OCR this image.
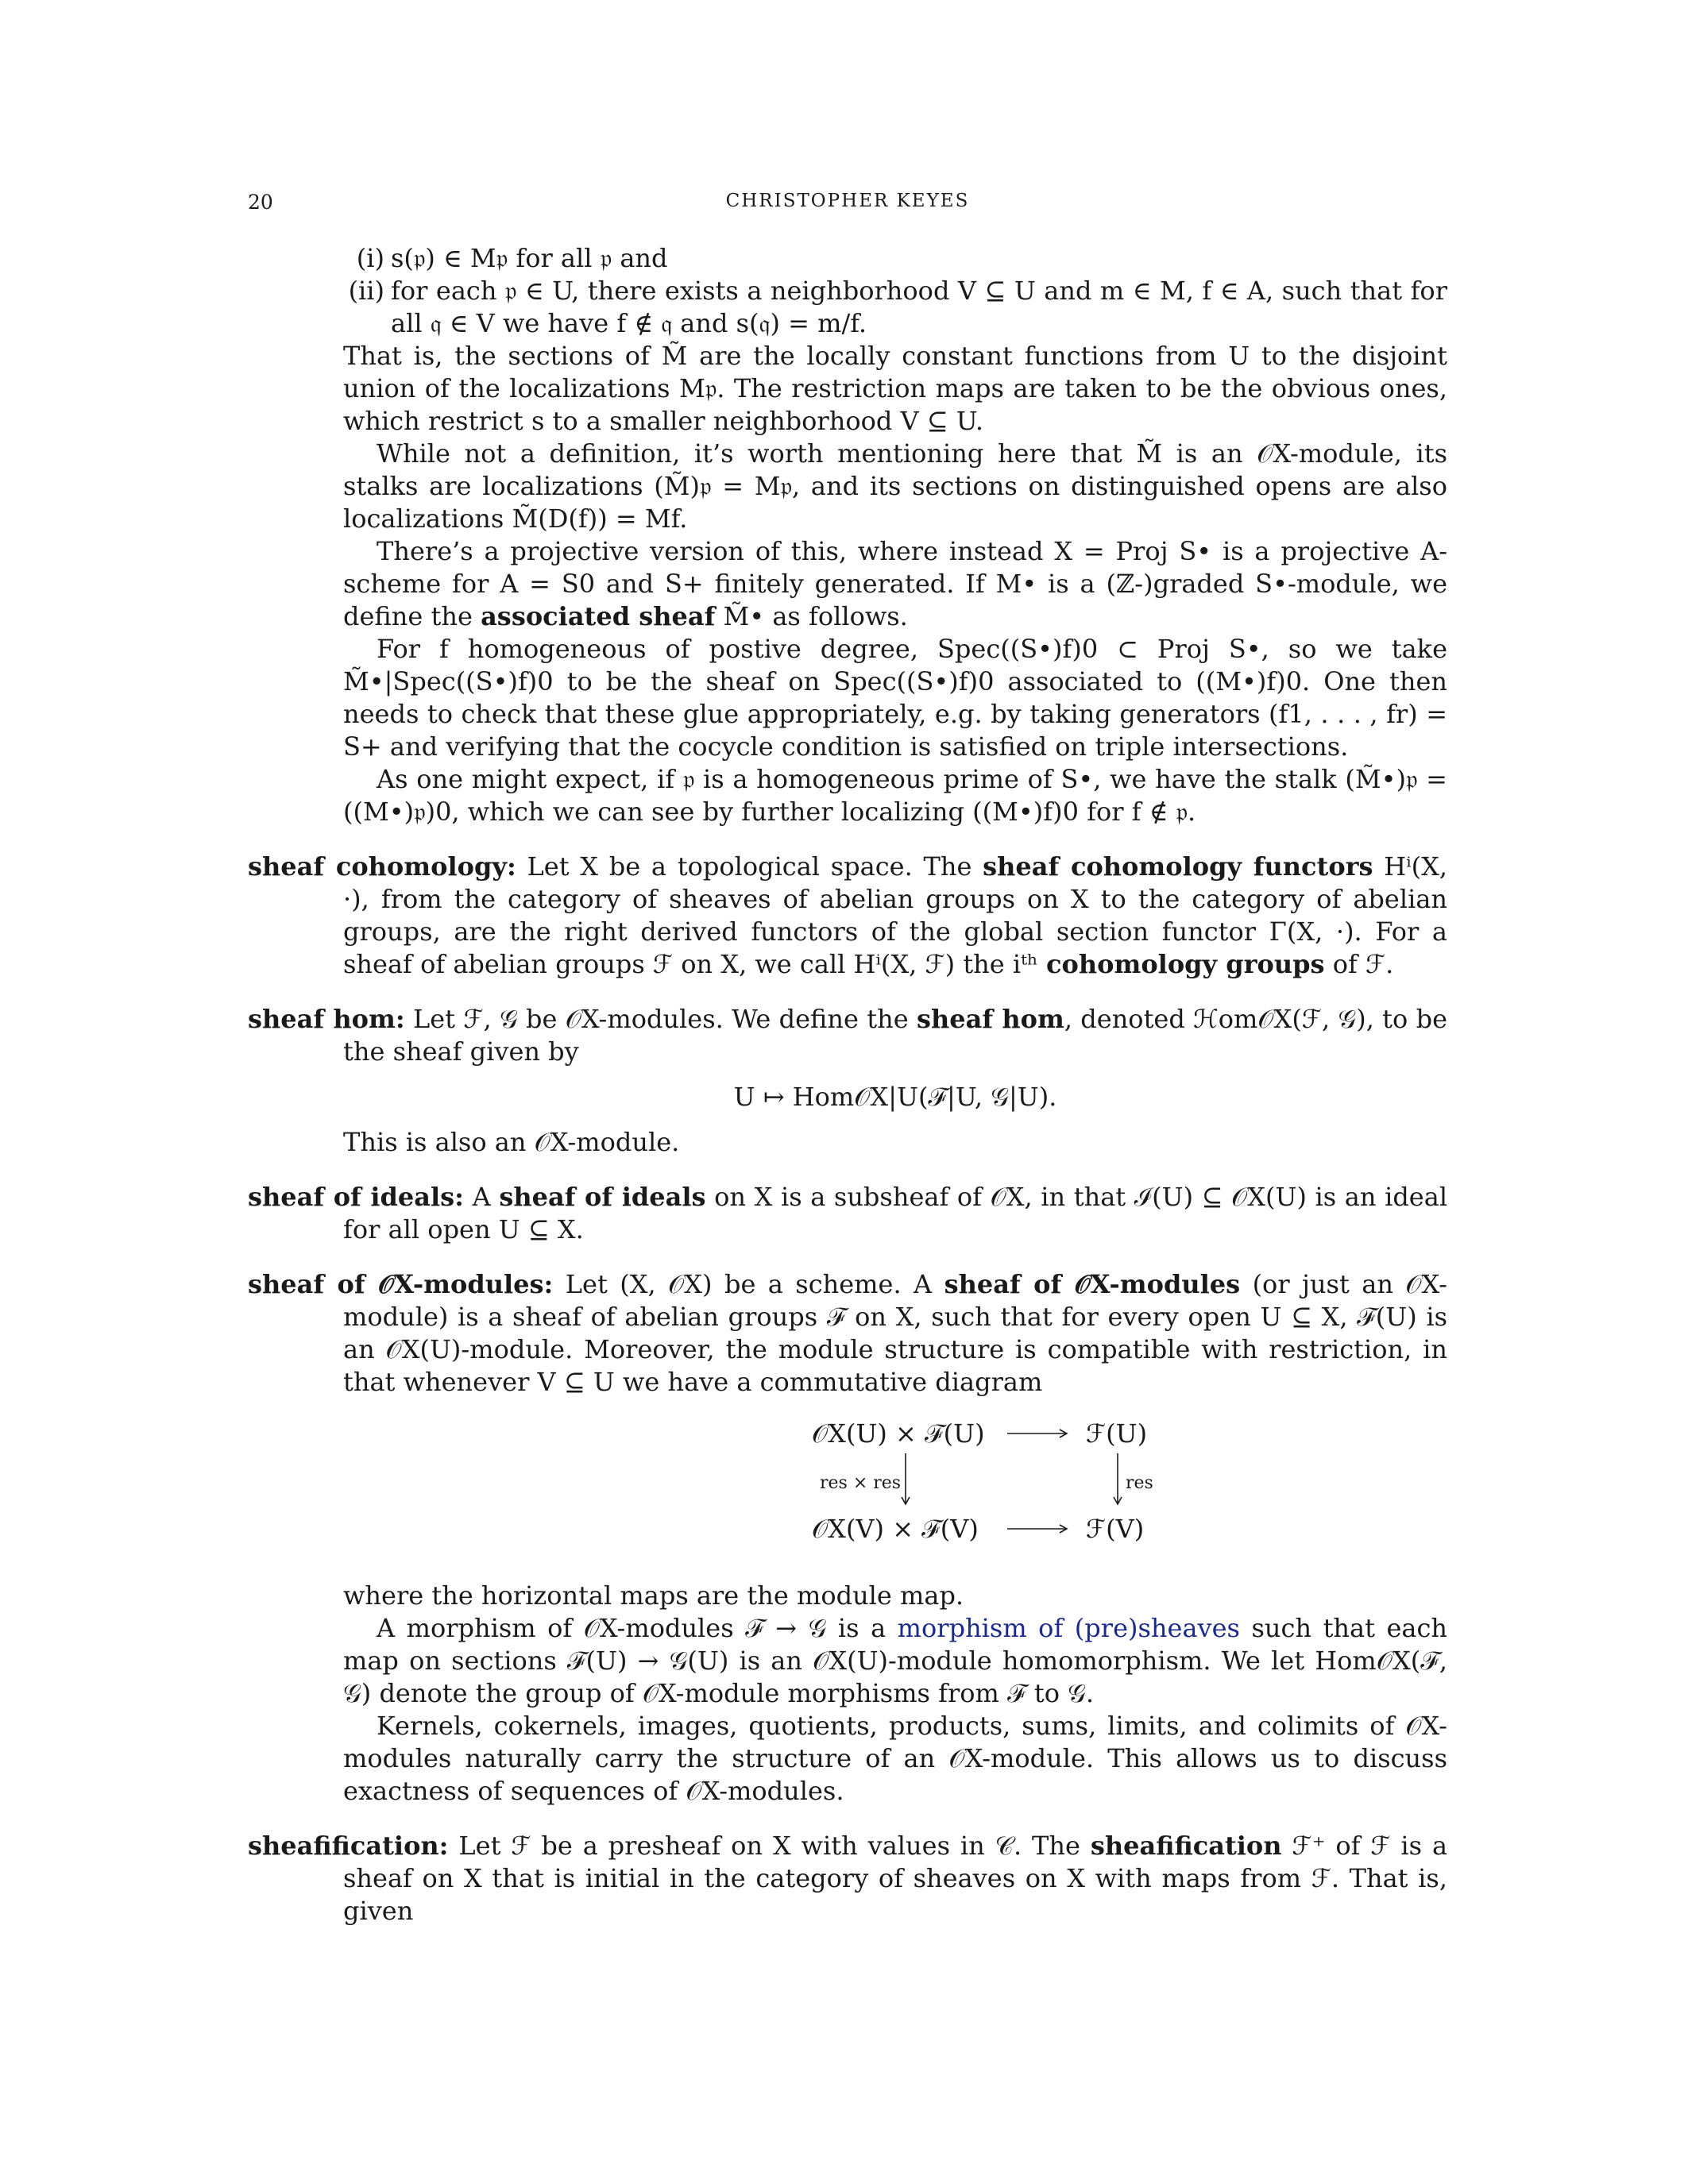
20	CHRISTOPHER KEYES
(i) s(𝔭) ∈ M𝔭 for all 𝔭 and
(ii) for each 𝔭 ∈ U, there exists a neighborhood V ⊆ U and m ∈ M, f ∈ A, such that for all 𝔮 ∈ V we have f ∉ 𝔮 and s(𝔮) = m/f.

That is, the sections of M̃ are the locally constant functions from U to the disjoint union of the localizations M𝔭. The restriction maps are taken to be the obvious ones, which restrict s to a smaller neighborhood V ⊆ U.

While not a definition, it’s worth mentioning here that M̃ is an 𝒪X-module, its stalks are localizations (M̃)𝔭 = M𝔭, and its sections on distinguished opens are also localizations M̃(D(f)) = Mf.

There’s a projective version of this, where instead X = Proj S• is a projective A-scheme for A = S0 and S+ finitely generated. If M• is a (ℤ-)graded S•-module, we define the associated sheaf M̃• as follows.

For f homogeneous of postive degree, Spec((S•)f)0 ⊂ Proj S•, so we take M̃•|Spec((S•)f)0 to be the sheaf on Spec((S•)f)0 associated to ((M•)f)0. One then needs to check that these glue appropriately, e.g. by taking generators (f1, . . . , fr) = S+ and verifying that the cocycle condition is satisfied on triple intersections.

As one might expect, if 𝔭 is a homogeneous prime of S•, we have the stalk (M̃•)𝔭 = ((M•)𝔭)0, which we can see by further localizing ((M•)f)0 for f ∉ 𝔭.

sheaf cohomology: Let X be a topological space. The sheaf cohomology functors Hⁱ(X, ·), from the category of sheaves of abelian groups on X to the category of abelian groups, are the right derived functors of the global section functor Γ(X, ·). For a sheaf of abelian groups ℱ on X, we call Hⁱ(X, ℱ) the iᵗʰ cohomology groups of ℱ.
sheaf hom: Let ℱ, 𝒢 be 𝒪X-modules. We define the sheaf hom, denoted ℋom𝒪X(ℱ, 𝒢), to be the sheaf given by
U ↦ Hom𝒪X|U(ℱ|U, 𝒢|U).
This is also an 𝒪X-module.
sheaf of ideals: A sheaf of ideals on X is a subsheaf of 𝒪X, in that ℐ(U) ⊆ 𝒪X(U) is an ideal for all open U ⊆ X.
sheaf of 𝒪X-modules: Let (X, 𝒪X) be a scheme. A sheaf of 𝒪X-modules (or just an 𝒪X-module) is a sheaf of abelian groups ℱ on X, such that for every open U ⊆ X, ℱ(U) is an 𝒪X(U)-module. Moreover, the module structure is compatible with restriction, in that whenever V ⊆ U we have a commutative diagram
𝒪X(U) × ℱ(U)	ℱ(U)
𝒪X(V) × ℱ(V)	ℱ(V)
res × res	res

where the horizontal maps are the module map.

A morphism of 𝒪X-modules ℱ → 𝒢 is a morphism of (pre)sheaves such that each map on sections ℱ(U) → 𝒢(U) is an 𝒪X(U)-module homomorphism. We let Hom𝒪X(ℱ, 𝒢) denote the group of 𝒪X-module morphisms from ℱ to 𝒢.

Kernels, cokernels, images, quotients, products, sums, limits, and colimits of 𝒪X-modules naturally carry the structure of an 𝒪X-module. This allows us to discuss exactness of sequences of 𝒪X-modules.

sheafification: Let ℱ be a presheaf on X with values in 𝒞. The sheafification ℱ⁺ of ℱ is a sheaf on X that is initial in the category of sheaves on X with maps from ℱ. That is, given
